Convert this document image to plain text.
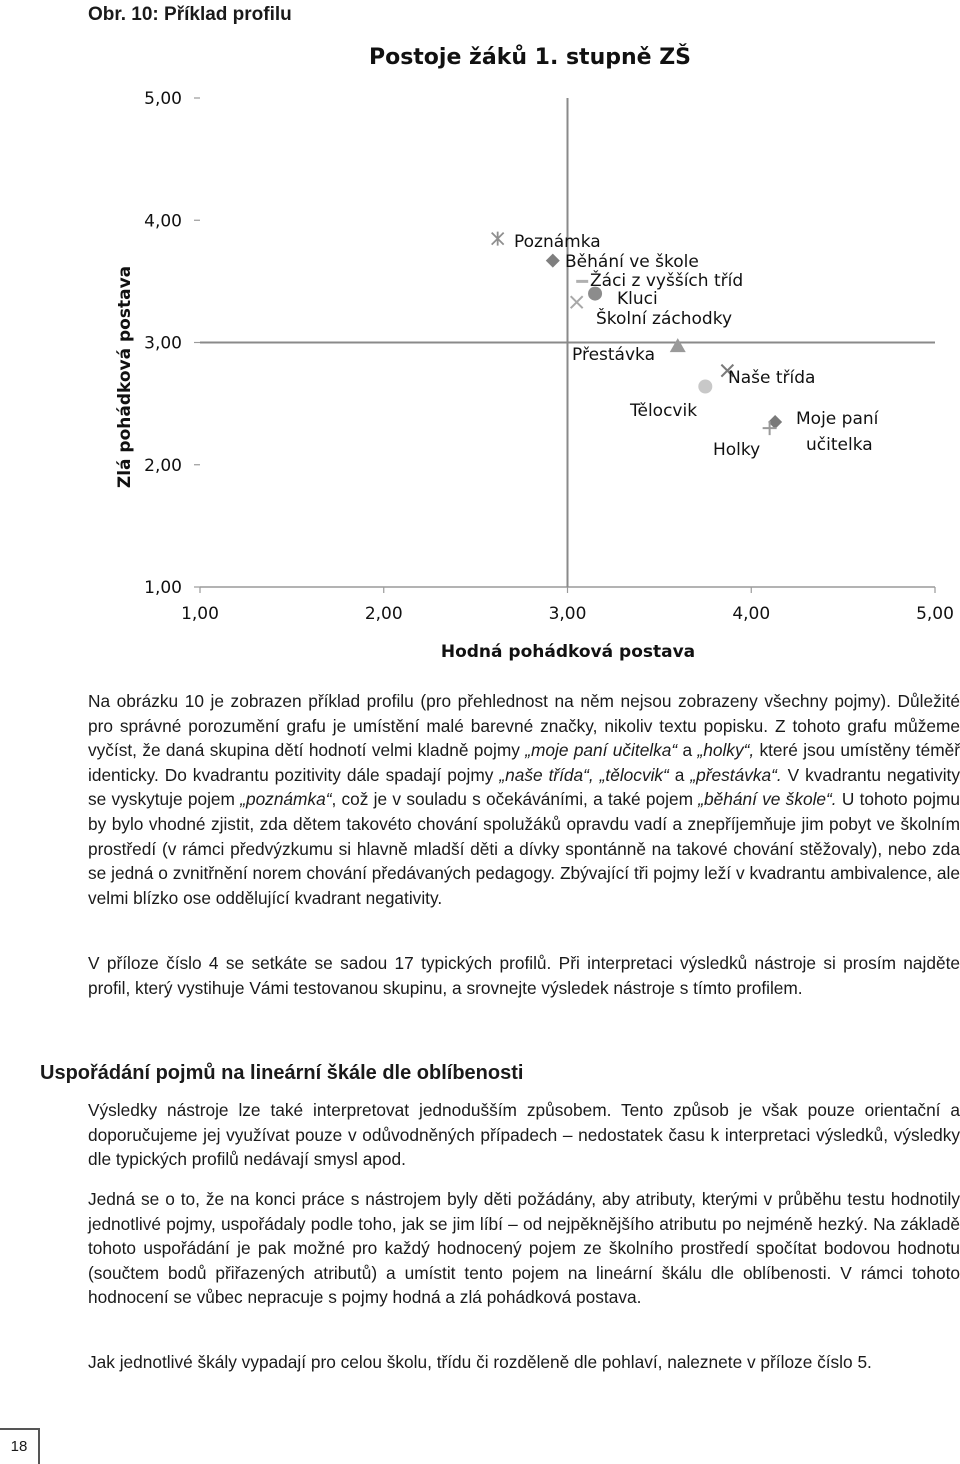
Obr. 10: Příklad profilu
Postoje žáků 1. stupně ZŠ
1,00	2,00	3,00	4,00	5,00
1,00
2,00
3,00
4,00
5,00
Poznámka
Běhání ve škole
Žáci z vyšších tříd
Kluci
Školní záchodky
Přestávka
Naše třída
Tělocvik	Moje paní učitelka
Holky
Hodná pohádková postava
Zlá pohádková postava

Na obrázku 10 je zobrazen příklad profilu (pro přehlednost na něm nejsou zobrazeny všechny pojmy). Důležité pro správné porozumění grafu je umístění malé barevné značky, nikoliv textu popisku. Z tohoto grafu můžeme vyčíst, že daná skupina dětí hodnotí velmi kladně pojmy „moje paní učitelka“ a „holky“, které jsou umístěny téměř identicky. Do kvadrantu pozitivity dále spadají pojmy „naše třída“, „tělocvik“ a „přestávka“. V kvadrantu negativity se vyskytuje pojem „poznámka“, což je v souladu s očekáváními, a také pojem „běhání ve škole“. U tohoto pojmu by bylo vhodné zjistit, zda dětem takovéto chování spolužáků opravdu vadí a znepříjemňuje jim pobyt ve školním prostředí (v rámci předvýzkumu si hlavně mladší děti a dívky spontánně na takové chování stěžovaly), nebo zda se jedná o zvnitřnění norem chování předávaných pedagogy. Zbývající tři pojmy leží v kvadrantu ambivalence, ale velmi blízko ose oddělující kvadrant negativity.

V příloze číslo 4 se setkáte se sadou 17 typických profilů. Při interpretaci výsledků nástroje si prosím najděte profil, který vystihuje Vámi testovanou skupinu, a srovnejte výsledek nástroje s tímto profilem.

Uspořádání pojmů na lineární škále dle oblíbenosti

Výsledky nástroje lze také interpretovat jednodušším způsobem. Tento způsob je však pouze orientační a doporučujeme jej využívat pouze v odůvodněných případech – nedostatek času k interpretaci výsledků, výsledky dle typických profilů nedávají smysl apod.

Jedná se o to, že na konci práce s nástrojem byly děti požádány, aby atributy, kterými v průběhu testu hodnotily jednotlivé pojmy, uspořádaly podle toho, jak se jim líbí – od nejpěknějšího atributu po nejméně hezký. Na základě tohoto uspořádání je pak možné pro každý hodnocený pojem ze školního prostředí spočítat bodovou hodnotu (součtem bodů přiřazených atributů) a umístit tento pojem na lineární škálu dle oblíbenosti. V rámci tohoto hodnocení se vůbec nepracuje s pojmy hodná a zlá pohádková postava.

Jak jednotlivé škály vypadají pro celou školu, třídu či rozděleně dle pohlaví, naleznete v příloze číslo 5.

18
